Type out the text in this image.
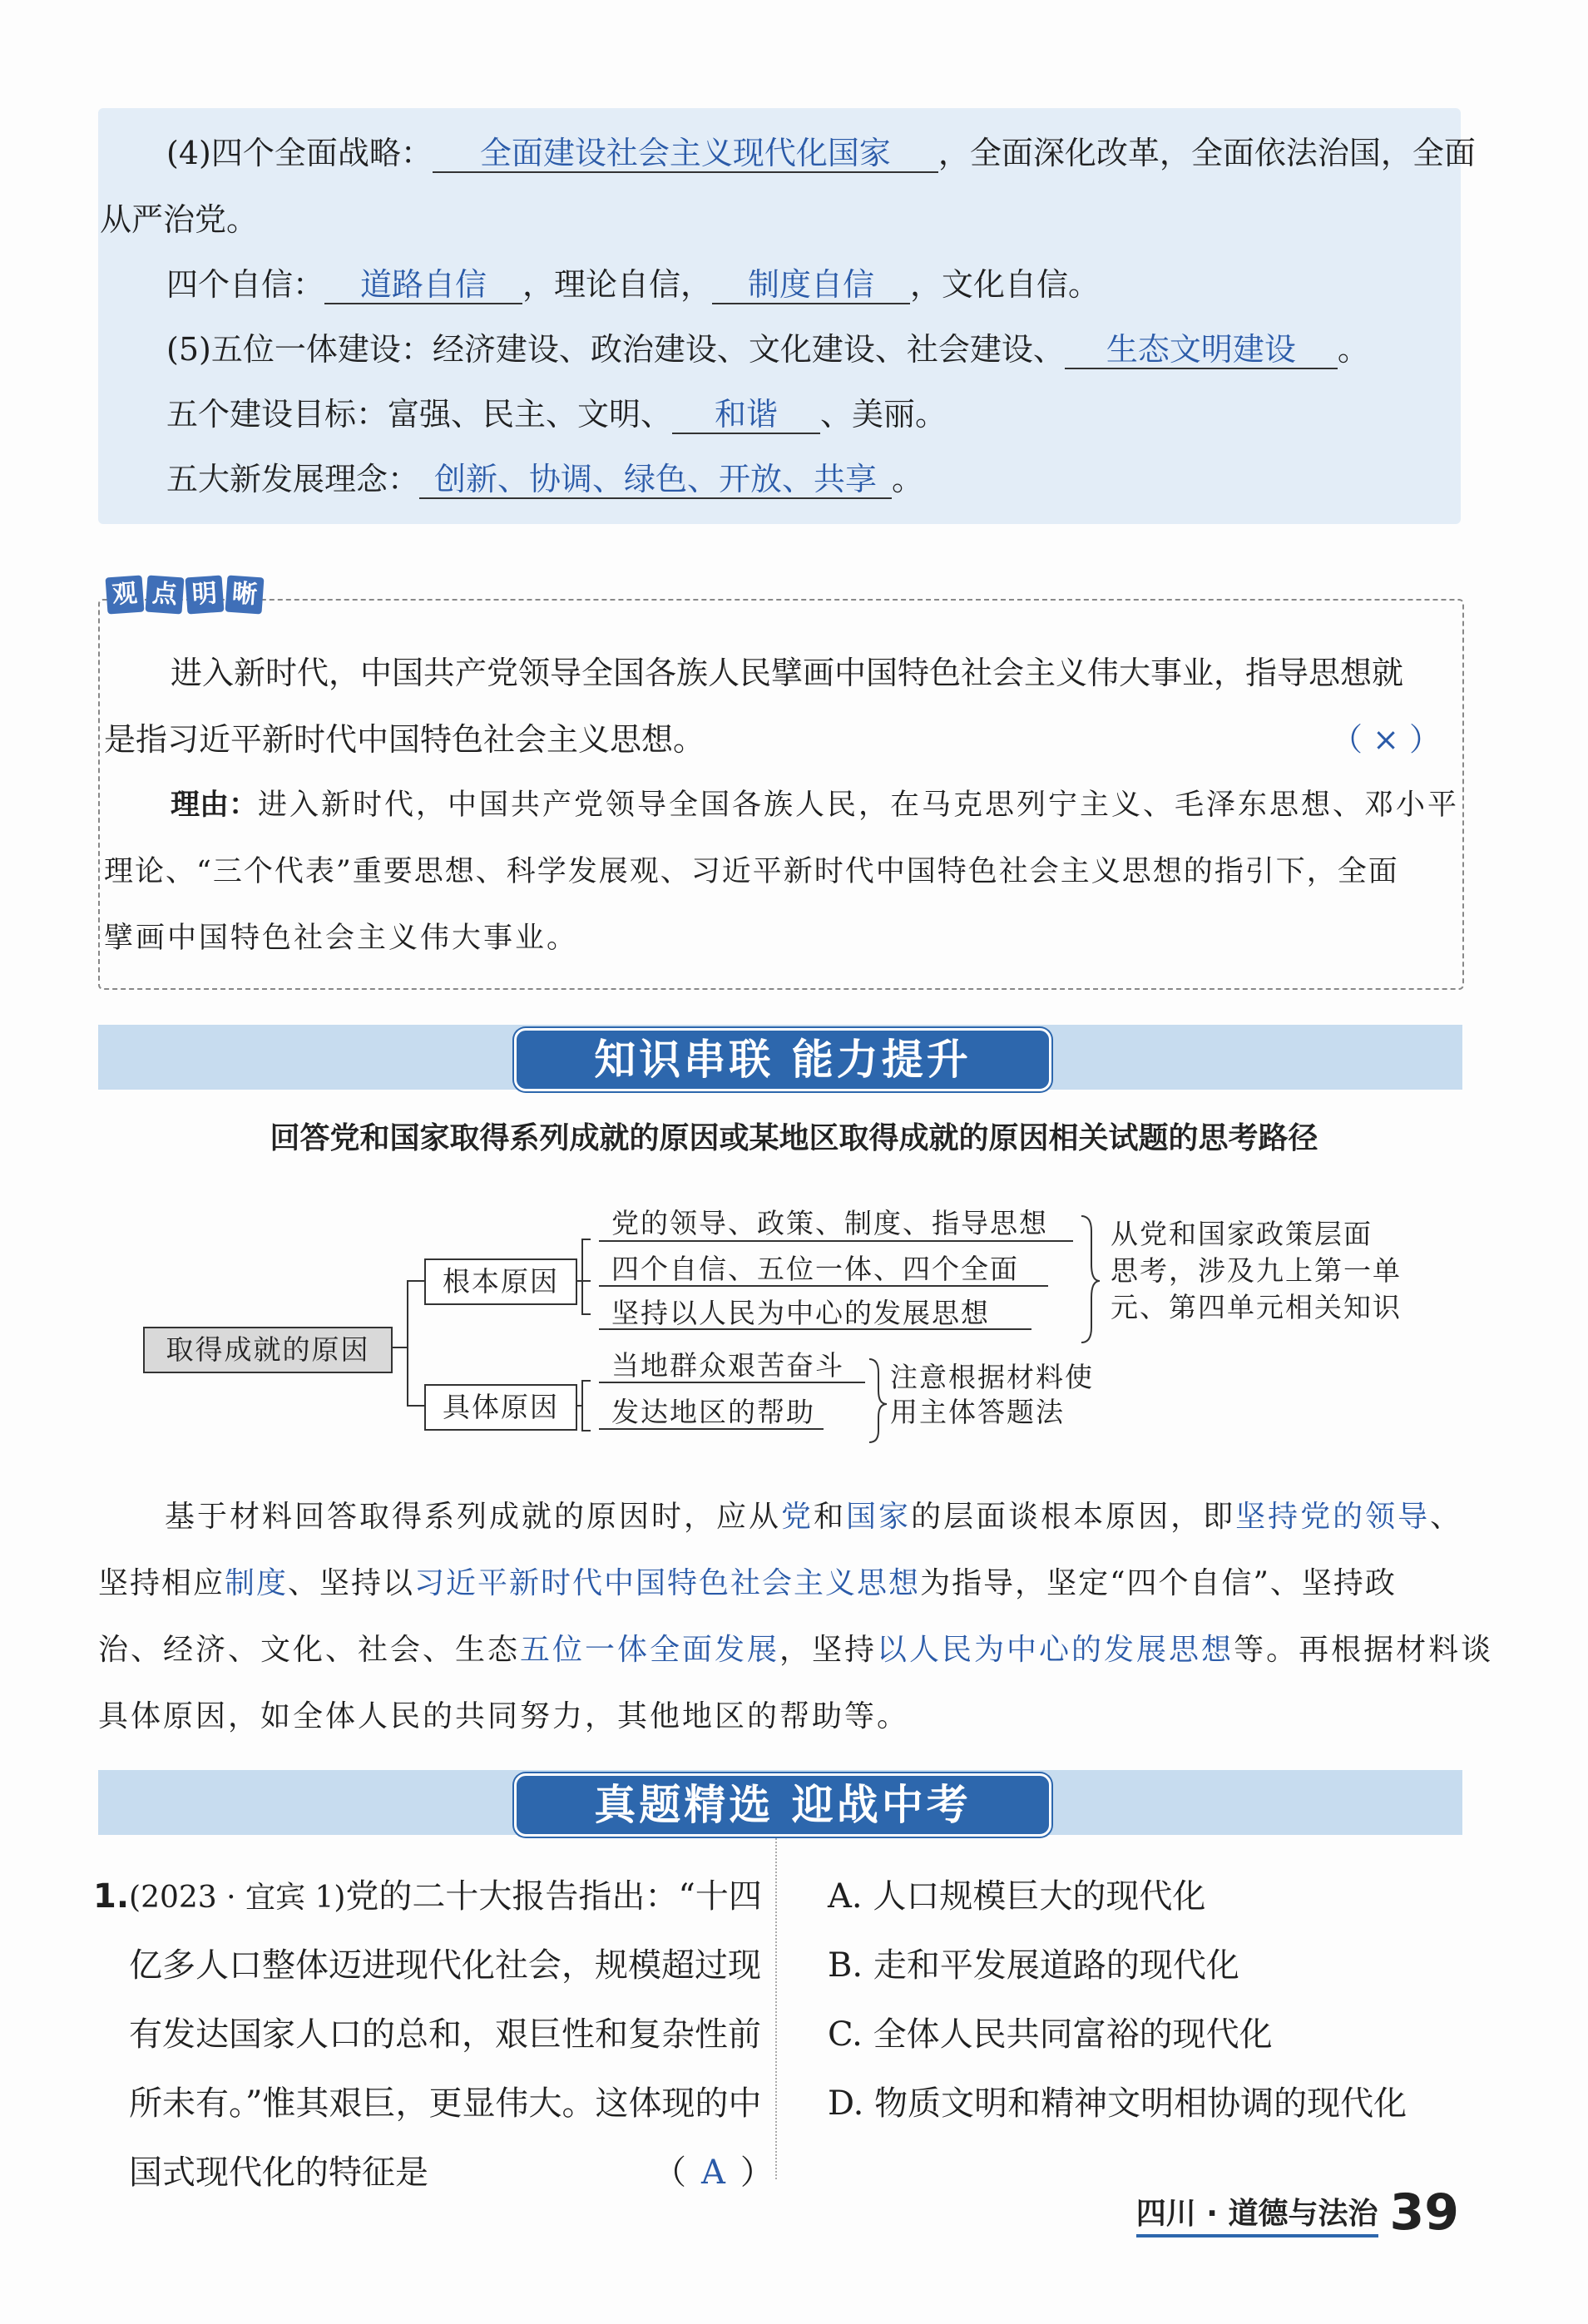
(4)四个全面战略： 全面建设社会主义现代化国家 ，全面深化改革，全面依法治国，全面
从严治党。
四个自信： 道路自信 ，理论自信， 制度自信 ，文化自信。
(5)五位一体建设：经济建设、政治建设、文化建设、社会建设、 生态文明建设 。
五个建设目标：富强、民主、文明、 和谐 、美丽。
五大新发展理念： 创新、协调、绿色、开放、共享 。
观 点 明 晰
进入新时代，中国共产党领导全国各族人民擘画中国特色社会主义伟大事业，指导思想就
是指习近平新时代中国特色社会主义思想。	（ × ）
理由：进入新时代，中国共产党领导全国各族人民，在马克思列宁主义、毛泽东思想、邓小平
理论、“三个代表”重要思想、科学发展观、习近平新时代中国特色社会主义思想的指引下，全面
擘画中国特色社会主义伟大事业。
知识串联 能力提升
回答党和国家取得系列成就的原因或某地区取得成就的原因相关试题的思考路径
取得成就的原因
根本原因
具体原因
党的领导、政策、制度、指导思想
四个自信、五位一体、四个全面
坚持以人民为中心的发展思想
从党和国家政策层面
思考，涉及九上第一单
元、第四单元相关知识
当地群众艰苦奋斗
发达地区的帮助
注意根据材料使
用主体答题法
基于材料回答取得系列成就的原因时，应从党和国家的层面谈根本原因，即坚持党的领导、
坚持相应制度、坚持以习近平新时代中国特色社会主义思想为指导，坚定“四个自信”、坚持政
治、经济、文化、社会、生态五位一体全面发展，坚持以人民为中心的发展思想等。再根据材料谈
具体原因，如全体人民的共同努力，其他地区的帮助等。
真题精选 迎战中考
1.(2023 · 宜宾 1)党的二十大报告指出：“十四
亿多人口整体迈进现代化社会，规模超过现
有发达国家人口的总和，艰巨性和复杂性前
所未有。”惟其艰巨，更显伟大。这体现的中
国式现代化的特征是	（ A ）
A. 人口规模巨大的现代化
B. 走和平发展道路的现代化
C. 全体人民共同富裕的现代化
D. 物质文明和精神文明相协调的现代化
四川 · 道德与法治 39
